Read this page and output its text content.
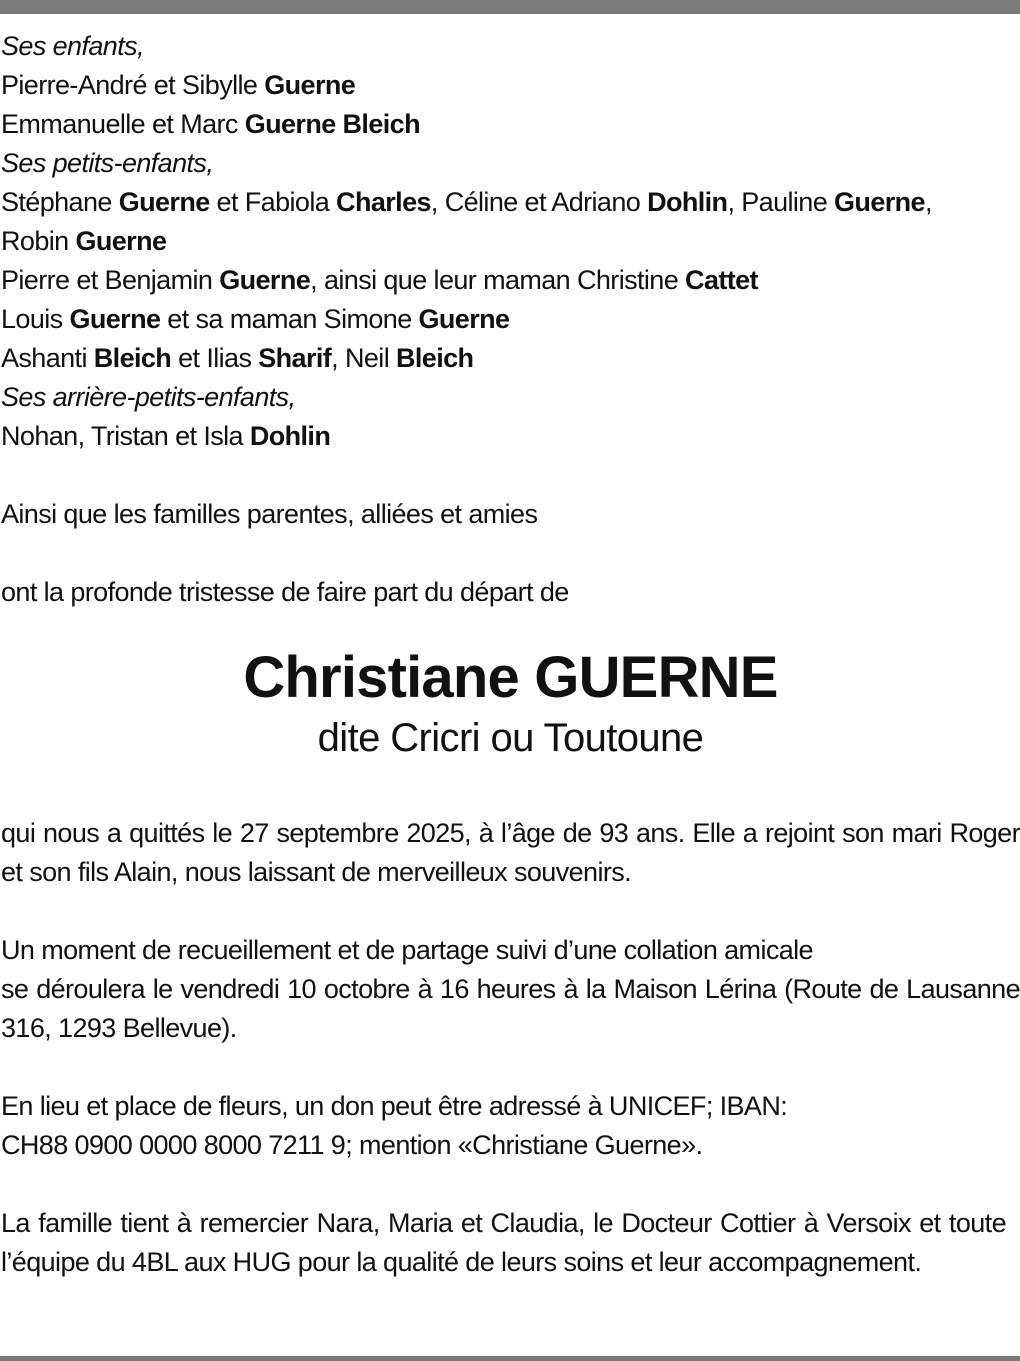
Ses enfants,
Pierre-André et Sibylle Guerne
Emmanuelle et Marc Guerne Bleich
Ses petits-enfants,
Stéphane Guerne et Fabiola Charles, Céline et Adriano Dohlin, Pauline Guerne,
Robin Guerne
Pierre et Benjamin Guerne, ainsi que leur maman Christine Cattet
Louis Guerne et sa maman Simone Guerne
Ashanti Bleich et Ilias Sharif, Neil Bleich
Ses arrière-petits-enfants,
Nohan, Tristan et Isla Dohlin
Ainsi que les familles parentes, alliées et amies
ont la profonde tristesse de faire part du départ de
Christiane GUERNE
dite Cricri ou Toutoune
qui nous a quittés le 27 septembre 2025, à l’âge de 93 ans. Elle a rejoint son mari Roger et son fils Alain, nous laissant de merveilleux souvenirs.
Un moment de recueillement et de partage suivi d’une collation amicale
se déroulera le vendredi 10 octobre à 16 heures à la Maison Lérina (Route de Lausanne 316, 1293 Bellevue).
En lieu et place de fleurs, un don peut être adressé à UNICEF; IBAN:
CH88 0900 0000 8000 7211 9; mention «Christiane Guerne».
La famille tient à remercier Nara, Maria et Claudia, le Docteur Cottier à Versoix et toute l’équipe du 4BL aux HUG pour la qualité de leurs soins et leur accompagnement.
